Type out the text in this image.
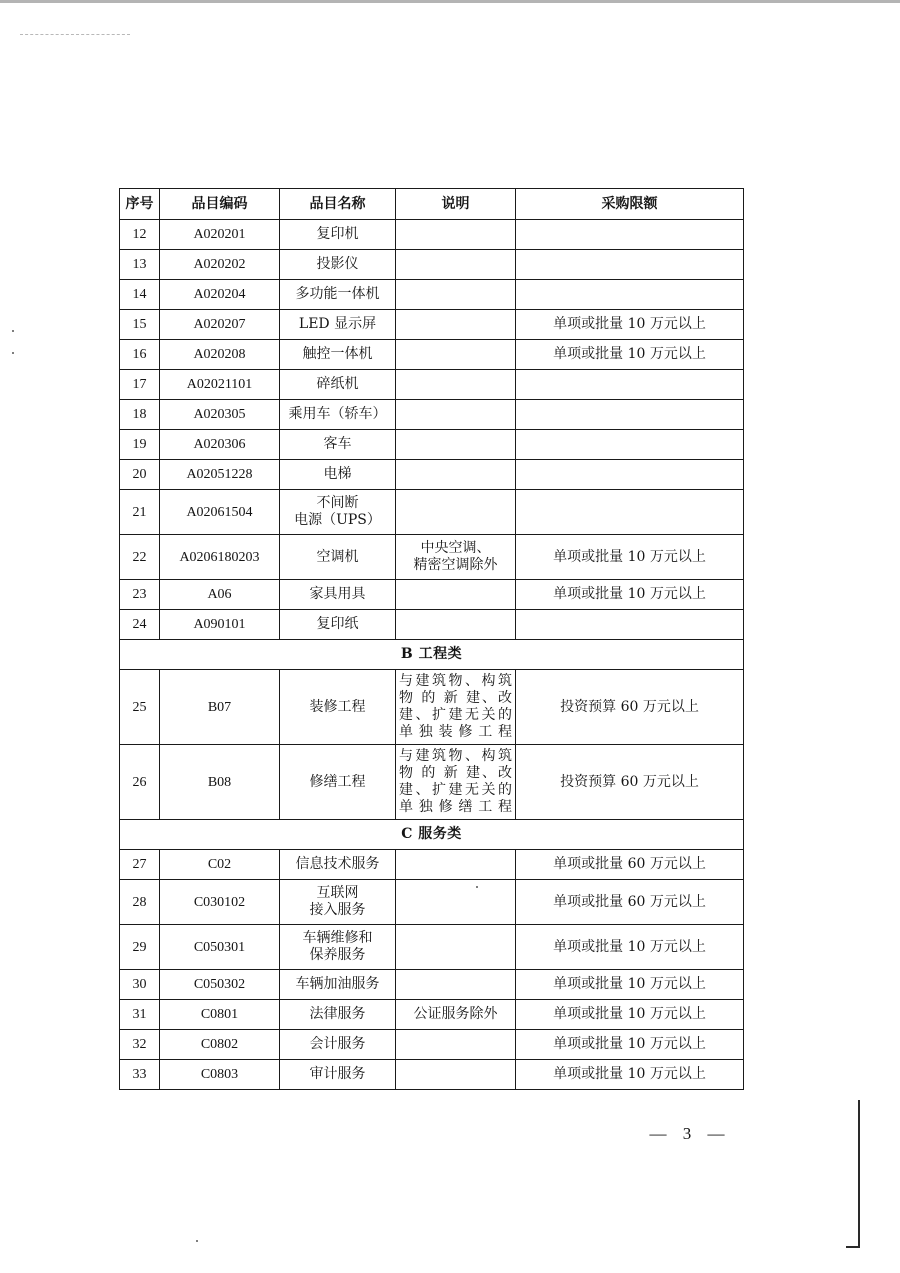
序号	品目编码	品目名称	说明	采购限额
12	A020201	复印机		
13	A020202	投影仪		
14	A020204	多功能一体机		
15	A020207	LED 显示屏		单项或批量 10 万元以上
16	A020208	触控一体机		单项或批量 10 万元以上
17	A02021101	碎纸机		
18	A020305	乘用车（轿车）		
19	A020306	客车		
20	A02051228	电梯		
21	A02061504	不间断
电源（UPS）		

22	A0206180203	空调机	中央空调、
精密空调除外	单项或批量 10 万元以上
23	A06	家具用具		单项或批量 10 万元以上
24	A090101	复印纸		
B 工程类				
25	B07	装修工程	与建筑物、构筑
物 的 新 建、改
建、扩建无关的
单独装修工程	投资预算 60 万元以上
26	B08	修缮工程	与建筑物、构筑
物 的 新 建、改
建、扩建无关的
单独修缮工程	投资预算 60 万元以上
C 服务类				
27	C02	信息技术服务		单项或批量 60 万元以上
28	C030102	互联网
接入服务		单项或批量 60 万元以上
29	C050301	车辆维修和
保养服务		单项或批量 10 万元以上
30	C050302	车辆加油服务		单项或批量 10 万元以上
31	C0801	法律服务	公证服务除外	单项或批量 10 万元以上
32	C0802	会计服务		单项或批量 10 万元以上
33	C0803	审计服务		单项或批量 10 万元以上
— 3 —
